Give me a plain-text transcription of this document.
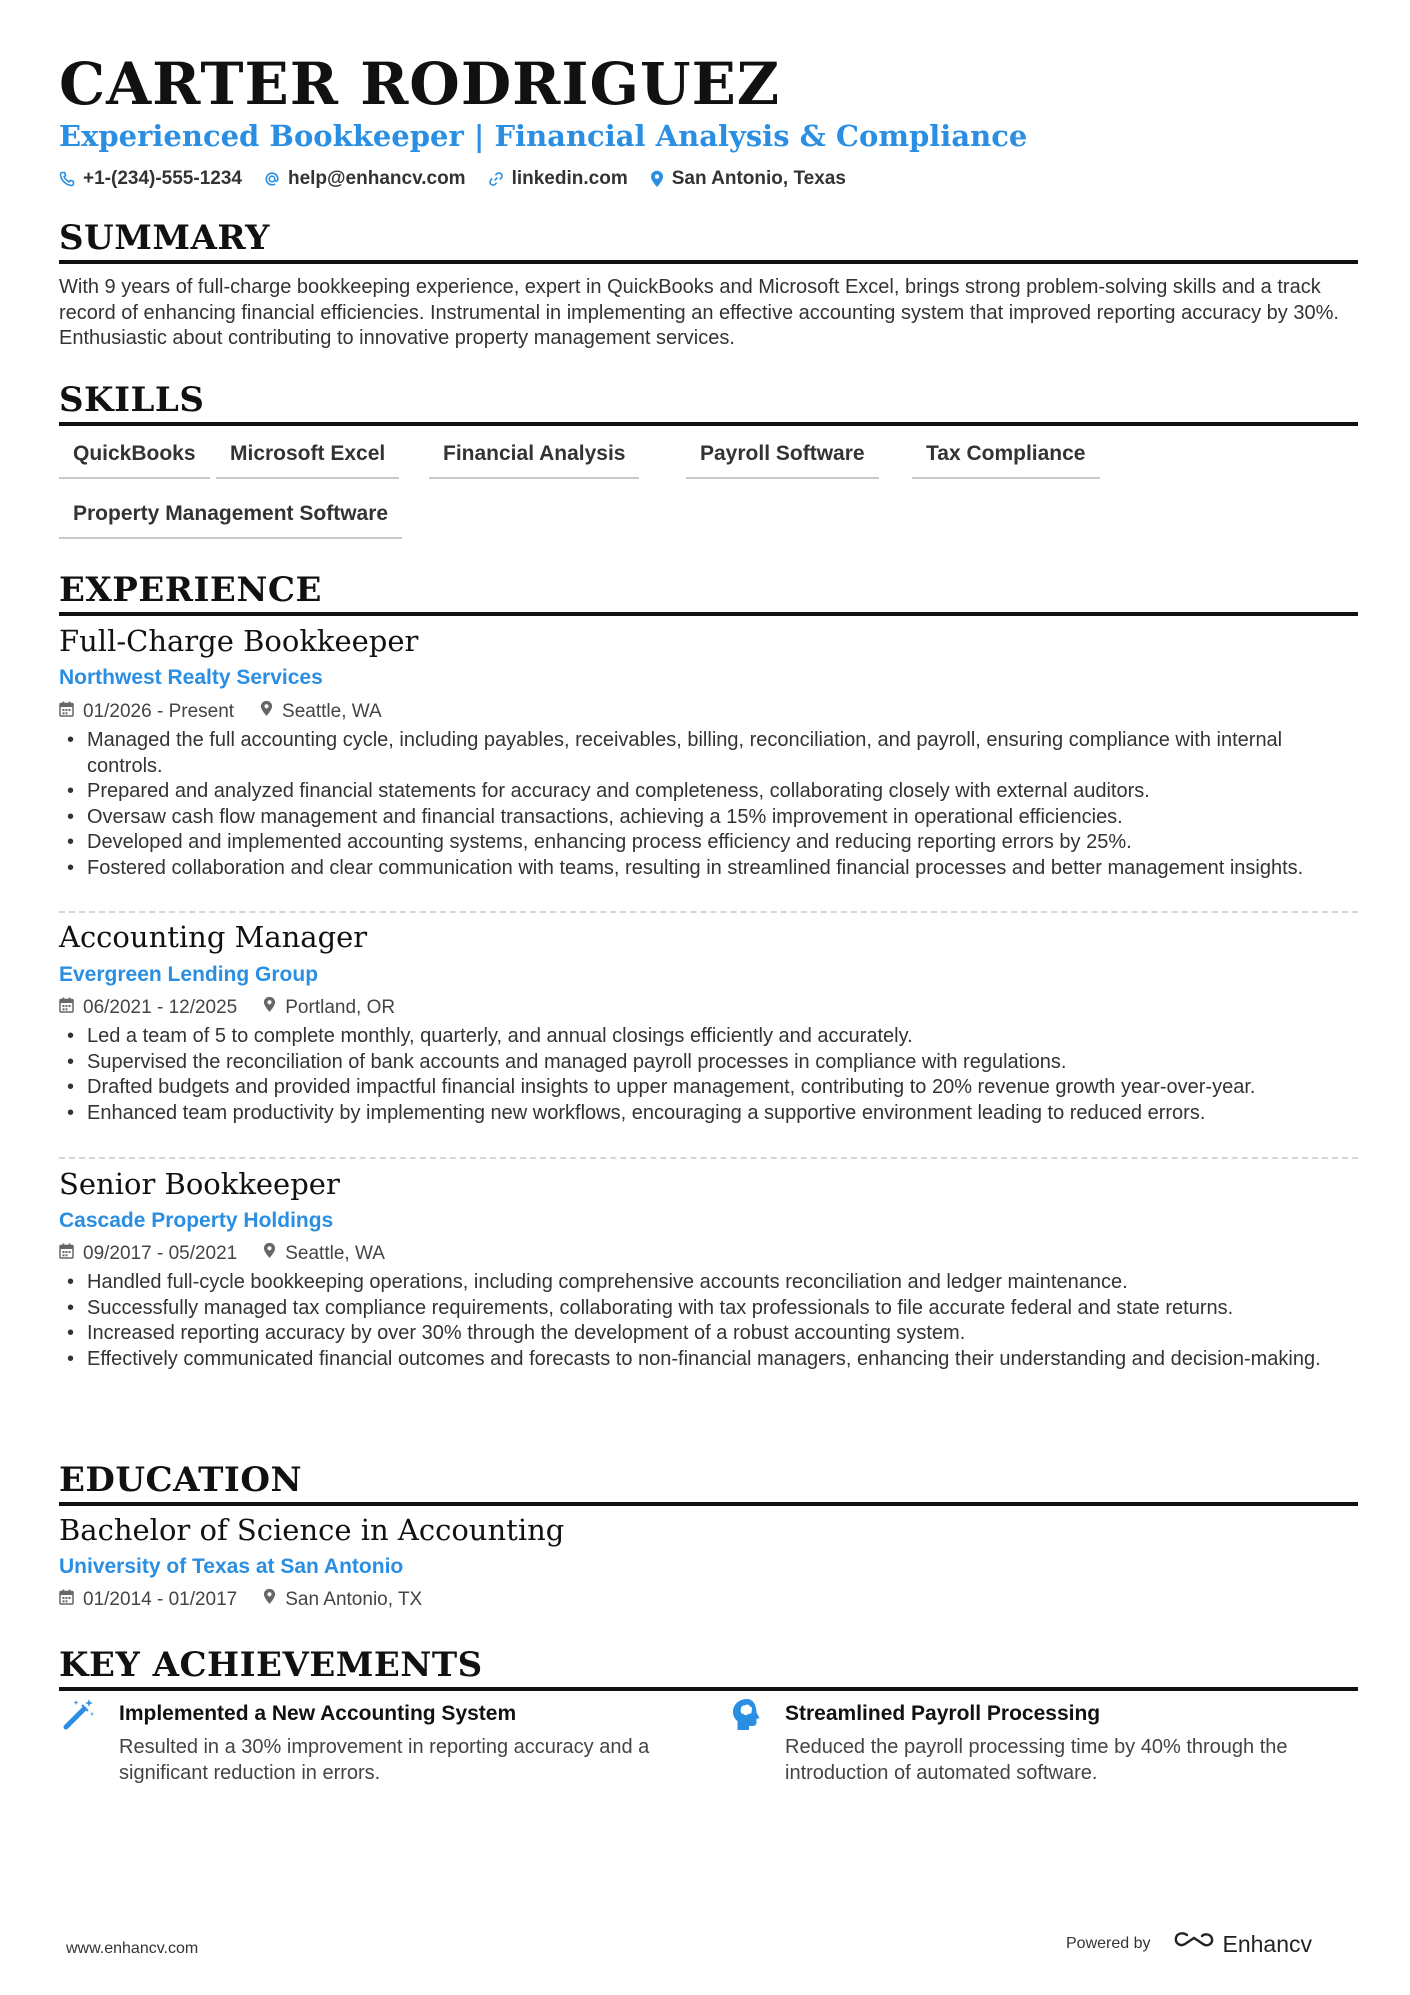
CARTER RODRIGUEZ
Experienced Bookkeeper | Financial Analysis & Compliance
+1-(234)-555-1234 help@enhancv.com linkedin.com San Antonio, Texas
SUMMARY
With 9 years of full-charge bookkeeping experience, expert in QuickBooks and Microsoft Excel, brings strong problem-solving skills and a track record of enhancing financial efficiencies. Instrumental in implementing an effective accounting system that improved reporting accuracy by 30%. Enthusiastic about contributing to innovative property management services.
SKILLS
QuickBooks	Microsoft Excel	Financial Analysis	Payroll Software	Tax Compliance
Property Management Software
EXPERIENCE
Full-Charge Bookkeeper
Northwest Realty Services
01/2026 - Present	Seattle, WA
• Managed the full accounting cycle, including payables, receivables, billing, reconciliation, and payroll, ensuring compliance with internal controls.
• Prepared and analyzed financial statements for accuracy and completeness, collaborating closely with external auditors.
• Oversaw cash flow management and financial transactions, achieving a 15% improvement in operational efficiencies.
• Developed and implemented accounting systems, enhancing process efficiency and reducing reporting errors by 25%.
• Fostered collaboration and clear communication with teams, resulting in streamlined financial processes and better management insights.
Accounting Manager
Evergreen Lending Group
06/2021 - 12/2025	Portland, OR
• Led a team of 5 to complete monthly, quarterly, and annual closings efficiently and accurately.
• Supervised the reconciliation of bank accounts and managed payroll processes in compliance with regulations.
• Drafted budgets and provided impactful financial insights to upper management, contributing to 20% revenue growth year-over-year.
• Enhanced team productivity by implementing new workflows, encouraging a supportive environment leading to reduced errors.
Senior Bookkeeper
Cascade Property Holdings
09/2017 - 05/2021	Seattle, WA
• Handled full-cycle bookkeeping operations, including comprehensive accounts reconciliation and ledger maintenance.
• Successfully managed tax compliance requirements, collaborating with tax professionals to file accurate federal and state returns.
• Increased reporting accuracy by over 30% through the development of a robust accounting system.
• Effectively communicated financial outcomes and forecasts to non-financial managers, enhancing their understanding and decision-making.
EDUCATION
Bachelor of Science in Accounting
University of Texas at San Antonio
01/2014 - 01/2017	San Antonio, TX
KEY ACHIEVEMENTS
Implemented a New Accounting System
Resulted in a 30% improvement in reporting accuracy and a significant reduction in errors.
Streamlined Payroll Processing
Reduced the payroll processing time by 40% through the introduction of automated software.
www.enhancv.com	Powered by	Enhancv
